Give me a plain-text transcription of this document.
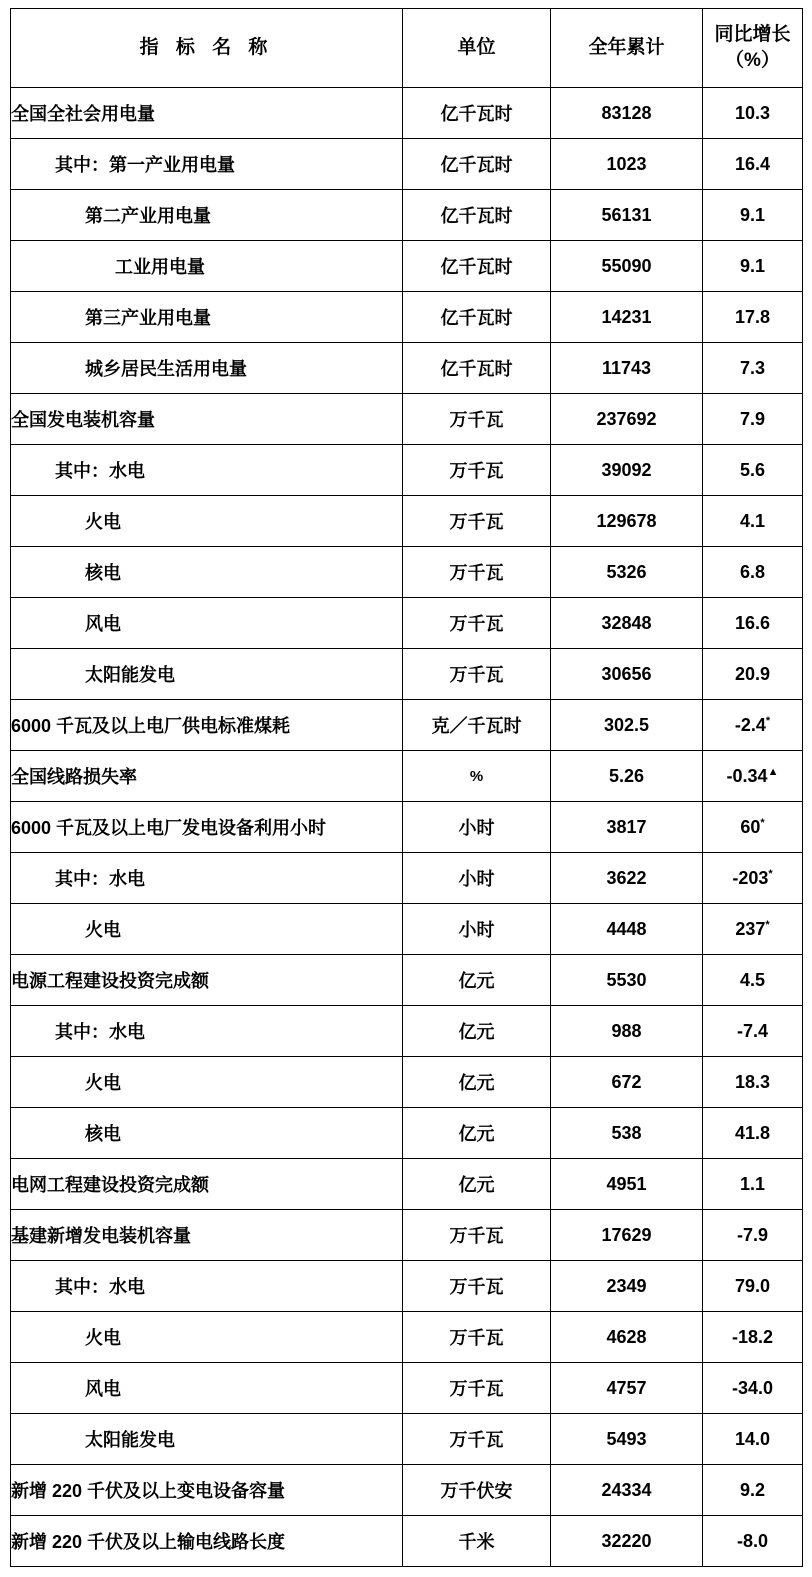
指 标 名 称	单位	全年累计	同比增长
（%）

全国全社会用电量	亿千瓦时	83128	10.3
其中：第一产业用电量	亿千瓦时	1023	16.4
第二产业用电量	亿千瓦时	56131	9.1
工业用电量	亿千瓦时	55090	9.1
第三产业用电量	亿千瓦时	14231	17.8
城乡居民生活用电量	亿千瓦时	11743	7.3
全国发电装机容量	万千瓦	237692	7.9
其中：水电	万千瓦	39092	5.6
火电	万千瓦	129678	4.1
核电	万千瓦	5326	6.8
风电	万千瓦	32848	16.6
太阳能发电	万千瓦	30656	20.9
6000 千瓦及以上电厂供电标准煤耗	克／千瓦时	302.5	-2.4*
全国线路损失率	%	5.26	-0.34▲
6000 千瓦及以上电厂发电设备利用小时	小时	3817	60*
其中：水电	小时	3622	-203*
火电	小时	4448	237*
电源工程建设投资完成额	亿元	5530	4.5
其中：水电	亿元	988	-7.4
火电	亿元	672	18.3
核电	亿元	538	41.8
电网工程建设投资完成额	亿元	4951	1.1
基建新增发电装机容量	万千瓦	17629	-7.9
其中：水电	万千瓦	2349	79.0
火电	万千瓦	4628	-18.2
风电	万千瓦	4757	-34.0
太阳能发电	万千瓦	5493	14.0
新增 220 千伏及以上变电设备容量	万千伏安	24334	9.2
新增 220 千伏及以上输电线路长度	千米	32220	-8.0
